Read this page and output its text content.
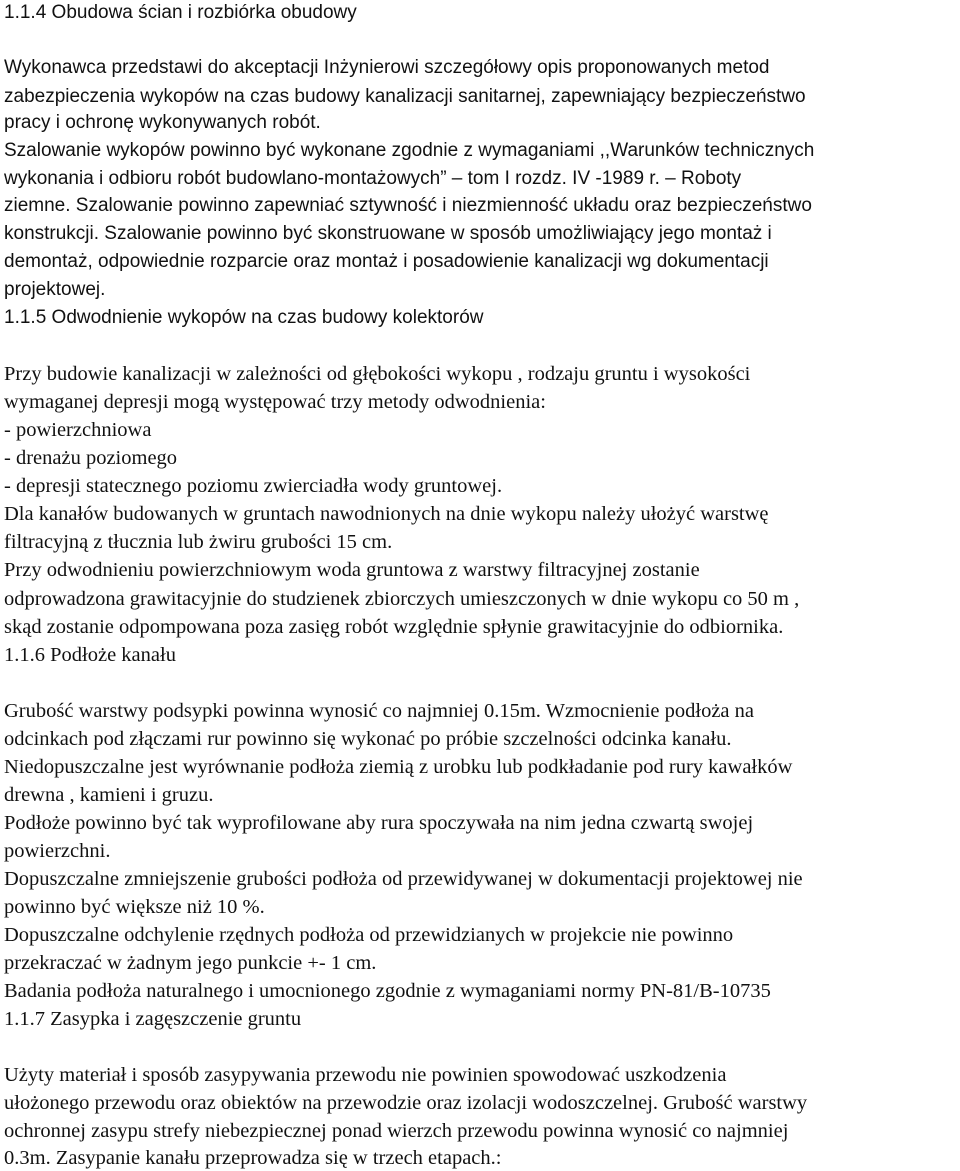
1.1.4 Obudowa ścian i rozbiórka obudowy
Wykonawca przedstawi do akceptacji Inżynierowi szczegółowy opis proponowanych metod
zabezpieczenia wykopów na czas budowy kanalizacji sanitarnej, zapewniający bezpieczeństwo
pracy i ochronę wykonywanych robót.
Szalowanie wykopów powinno być wykonane zgodnie z wymaganiami ,,Warunków technicznych
wykonania i odbioru robót budowlano-montażowych” – tom I rozdz. IV -1989 r. – Roboty
ziemne. Szalowanie powinno zapewniać sztywność i niezmienność układu oraz bezpieczeństwo
konstrukcji. Szalowanie powinno być skonstruowane w sposób umożliwiający jego montaż i
demontaż, odpowiednie rozparcie oraz montaż i posadowienie kanalizacji wg dokumentacji
projektowej.
1.1.5 Odwodnienie wykopów na czas budowy kolektorów
Przy budowie kanalizacji w zależności od głębokości wykopu , rodzaju gruntu i wysokości
wymaganej depresji mogą występować trzy metody odwodnienia:
- powierzchniowa
- drenażu poziomego
- depresji statecznego poziomu zwierciadła wody gruntowej.
Dla kanałów budowanych w gruntach nawodnionych na dnie wykopu należy ułożyć warstwę
filtracyjną z tłucznia lub żwiru grubości 15 cm.
Przy odwodnieniu powierzchniowym woda gruntowa z warstwy filtracyjnej zostanie
odprowadzona grawitacyjnie do studzienek zbiorczych umieszczonych w dnie wykopu co 50 m ,
skąd zostanie odpompowana poza zasięg robót względnie spłynie grawitacyjnie do odbiornika.
1.1.6 Podłoże kanału
Grubość warstwy podsypki powinna wynosić co najmniej 0.15m. Wzmocnienie podłoża na
odcinkach pod złączami rur powinno się wykonać po próbie szczelności odcinka kanału.
Niedopuszczalne jest wyrównanie podłoża ziemią z urobku lub podkładanie pod rury kawałków
drewna , kamieni i gruzu.
Podłoże powinno być tak wyprofilowane aby rura spoczywała na nim jedna czwartą swojej
powierzchni.
Dopuszczalne zmniejszenie grubości podłoża od przewidywanej w dokumentacji projektowej nie
powinno być większe niż 10 %.
Dopuszczalne odchylenie rzędnych podłoża od przewidzianych w projekcie nie powinno
przekraczać w żadnym jego punkcie +- 1 cm.
Badania podłoża naturalnego i umocnionego zgodnie z wymaganiami normy PN-81/B-10735
1.1.7 Zasypka i zagęszczenie gruntu
Użyty materiał i sposób zasypywania przewodu nie powinien spowodować uszkodzenia
ułożonego przewodu oraz obiektów na przewodzie oraz izolacji wodoszczelnej. Grubość warstwy
ochronnej zasypu strefy niebezpiecznej ponad wierzch przewodu powinna wynosić co najmniej
0.3m. Zasypanie kanału przeprowadza się w trzech etapach.:
